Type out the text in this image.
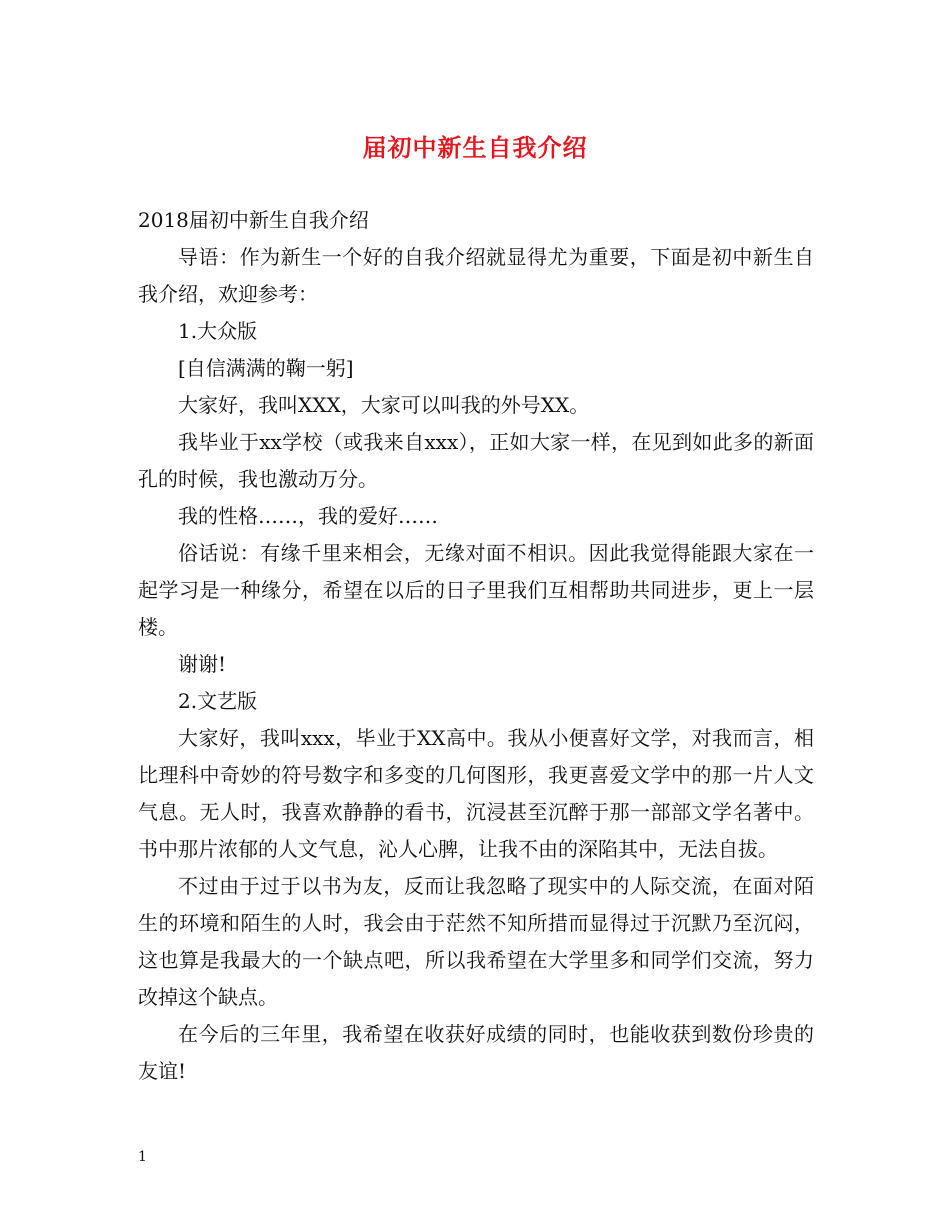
届初中新生自我介绍

2018届初中新生自我介绍

导语：作为新生一个好的自我介绍就显得尤为重要，下面是初中新生自我介绍，欢迎参考：

1.大众版

[自信满满的鞠一躬]

大家好，我叫XXX，大家可以叫我的外号XX。

我毕业于xx学校（或我来自xxx），正如大家一样，在见到如此多的新面孔的时候，我也激动万分。

我的性格……，我的爱好……

俗话说：有缘千里来相会，无缘对面不相识。因此我觉得能跟大家在一起学习是一种缘分，希望在以后的日子里我们互相帮助共同进步，更上一层楼。

谢谢!

2.文艺版

大家好，我叫xxx，毕业于XX高中。我从小便喜好文学，对我而言，相比理科中奇妙的符号数字和多变的几何图形，我更喜爱文学中的那一片人文气息。无人时，我喜欢静静的看书，沉浸甚至沉醉于那一部部文学名著中。书中那片浓郁的人文气息，沁人心脾，让我不由的深陷其中，无法自拔。

不过由于过于以书为友，反而让我忽略了现实中的人际交流，在面对陌生的环境和陌生的人时，我会由于茫然不知所措而显得过于沉默乃至沉闷，这也算是我最大的一个缺点吧，所以我希望在大学里多和同学们交流，努力改掉这个缺点。

在今后的三年里，我希望在收获好成绩的同时，也能收获到数份珍贵的友谊!

1
